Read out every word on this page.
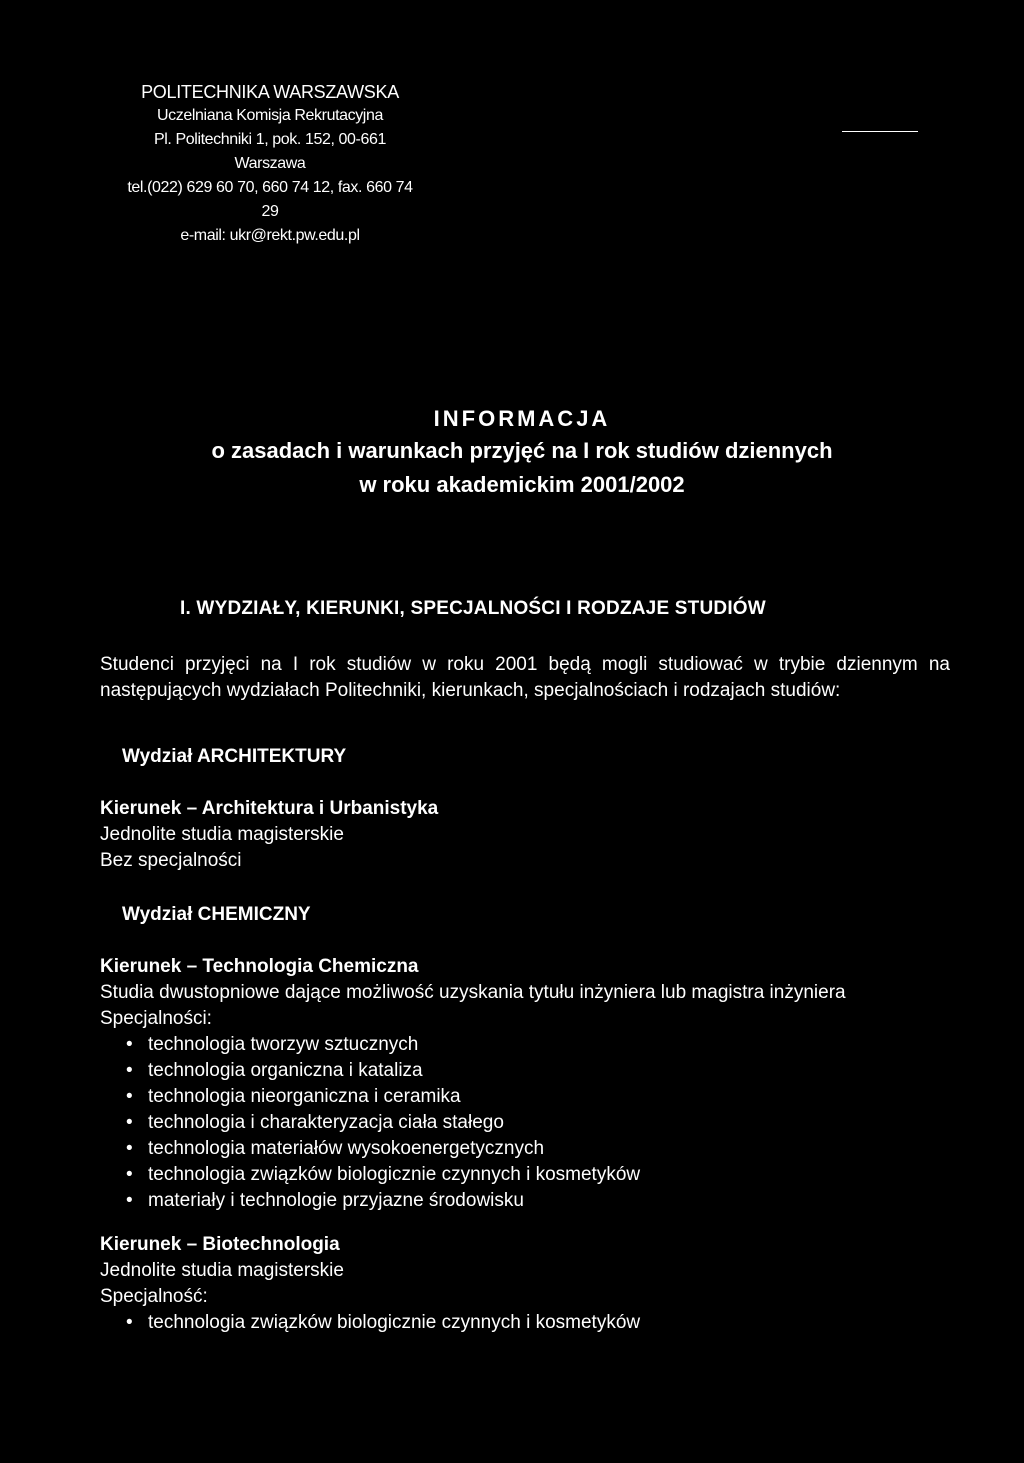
POLITECHNIKA WARSZAWSKA
Uczelniana Komisja Rekrutacyjna
Pl. Politechniki 1, pok. 152, 00-661 Warszawa
tel.(022) 629 60 70, 660 74 12, fax. 660 74 29
e-mail: ukr@rekt.pw.edu.pl
INFORMACJA
o zasadach i warunkach przyjęć na I rok studiów dziennych
w roku akademickim 2001/2002
I. WYDZIAŁY, KIERUNKI, SPECJALNOŚCI I RODZAJE STUDIÓW

Studenci przyjęci na I rok studiów w roku 2001 będą mogli studiować w trybie dziennym na następujących wydziałach Politechniki, kierunkach, specjalnościach i rodzajach studiów:

Wydział ARCHITEKTURY
Kierunek – Architektura i Urbanistyka
Jednolite studia magisterskie
Bez specjalności
Wydział CHEMICZNY
Kierunek – Technologia Chemiczna
Studia dwustopniowe dające możliwość uzyskania tytułu inżyniera lub magistra inżyniera
Specjalności:
• technologia tworzyw sztucznych
• technologia organiczna i kataliza
• technologia nieorganiczna i ceramika
• technologia i charakteryzacja ciała stałego
• technologia materiałów wysokoenergetycznych
• technologia związków biologicznie czynnych i kosmetyków
• materiały i technologie przyjazne środowisku
Kierunek – Biotechnologia
Jednolite studia magisterskie
Specjalność:
• technologia związków biologicznie czynnych i kosmetyków
